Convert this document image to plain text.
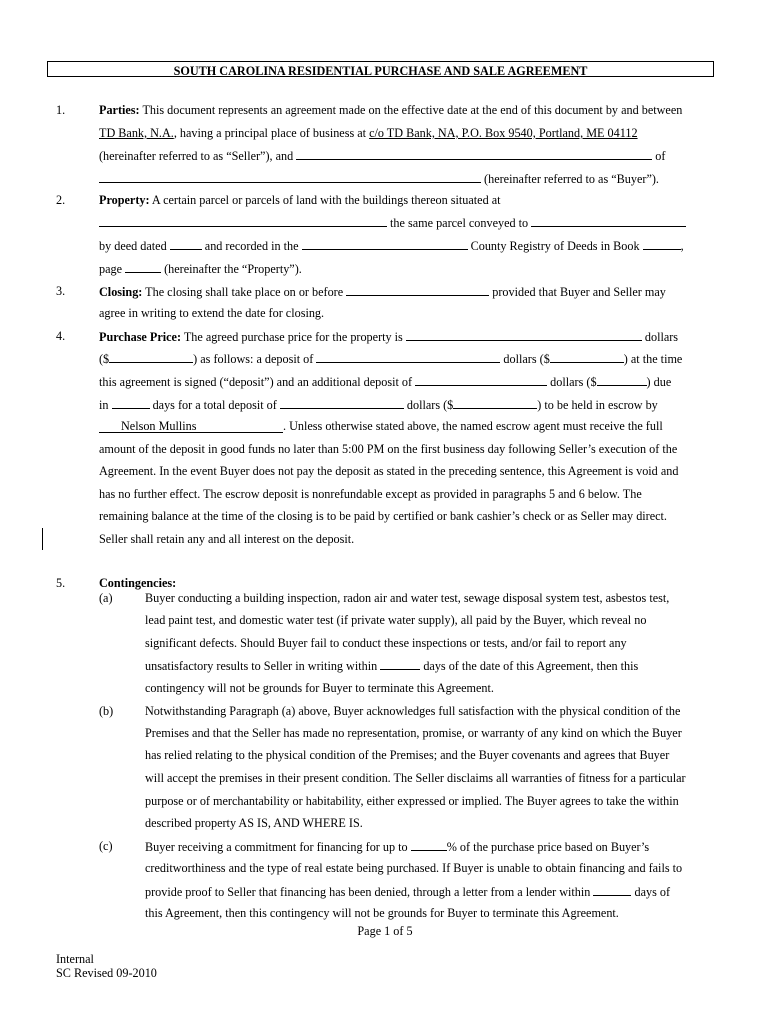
SOUTH CAROLINA RESIDENTIAL PURCHASE AND SALE AGREEMENT
1.	Parties: This document represents an agreement made on the effective date at the end of this document by and between
TD Bank, N.A., having a principal place of business at c/o TD Bank, NA, P.O. Box 9540, Portland, ME 04112
(hereinafter referred to as “Seller”), and	of
(hereinafter referred to as “Buyer”).
2.	Property: A certain parcel or parcels of land with the buildings thereon situated at
the same parcel conveyed to
by deed dated	and recorded in the	County Registry of Deeds in Book	,
page	(hereinafter the “Property”).
3.	Closing: The closing shall take place on or before	provided that Buyer and Seller may
agree in writing to extend the date for closing.
4.	Purchase Price: The agreed purchase price for the property is	dollars
($	) as follows: a deposit of	dollars ($	) at the time
this agreement is signed (“deposit”) and an additional deposit of	dollars ($	) due
in	days for a total deposit of	dollars ($	) to be held in escrow by
Nelson Mullins	. Unless otherwise stated above, the named escrow agent must receive the full
amount of the deposit in good funds no later than 5:00 PM on the first business day following Seller’s execution of the
Agreement. In the event Buyer does not pay the deposit as stated in the preceding sentence, this Agreement is void and
has no further effect. The escrow deposit is nonrefundable except as provided in paragraphs 5 and 6 below. The
remaining balance at the time of the closing is to be paid by certified or bank cashier’s check or as Seller may direct.
Seller shall retain any and all interest on the deposit.
5.	Contingencies:
(a)	Buyer conducting a building inspection, radon air and water test, sewage disposal system test, asbestos test,
lead paint test, and domestic water test (if private water supply), all paid by the Buyer, which reveal no
significant defects. Should Buyer fail to conduct these inspections or tests, and/or fail to report any
unsatisfactory results to Seller in writing within	days of the date of this Agreement, then this
contingency will not be grounds for Buyer to terminate this Agreement.
(b)	Notwithstanding Paragraph (a) above, Buyer acknowledges full satisfaction with the physical condition of the
Premises and that the Seller has made no representation, promise, or warranty of any kind on which the Buyer
has relied relating to the physical condition of the Premises; and the Buyer covenants and agrees that Buyer
will accept the premises in their present condition. The Seller disclaims all warranties of fitness for a particular
purpose or of merchantability or habitability, either expressed or implied. The Buyer agrees to take the within
described property AS IS, AND WHERE IS.
(c)	Buyer receiving a commitment for financing for up to	% of the purchase price based on Buyer’s
creditworthiness and the type of real estate being purchased. If Buyer is unable to obtain financing and fails to
provide proof to Seller that financing has been denied, through a letter from a lender within	days of
this Agreement, then this contingency will not be grounds for Buyer to terminate this Agreement.
Page 1 of 5
Internal
SC Revised 09-2010
